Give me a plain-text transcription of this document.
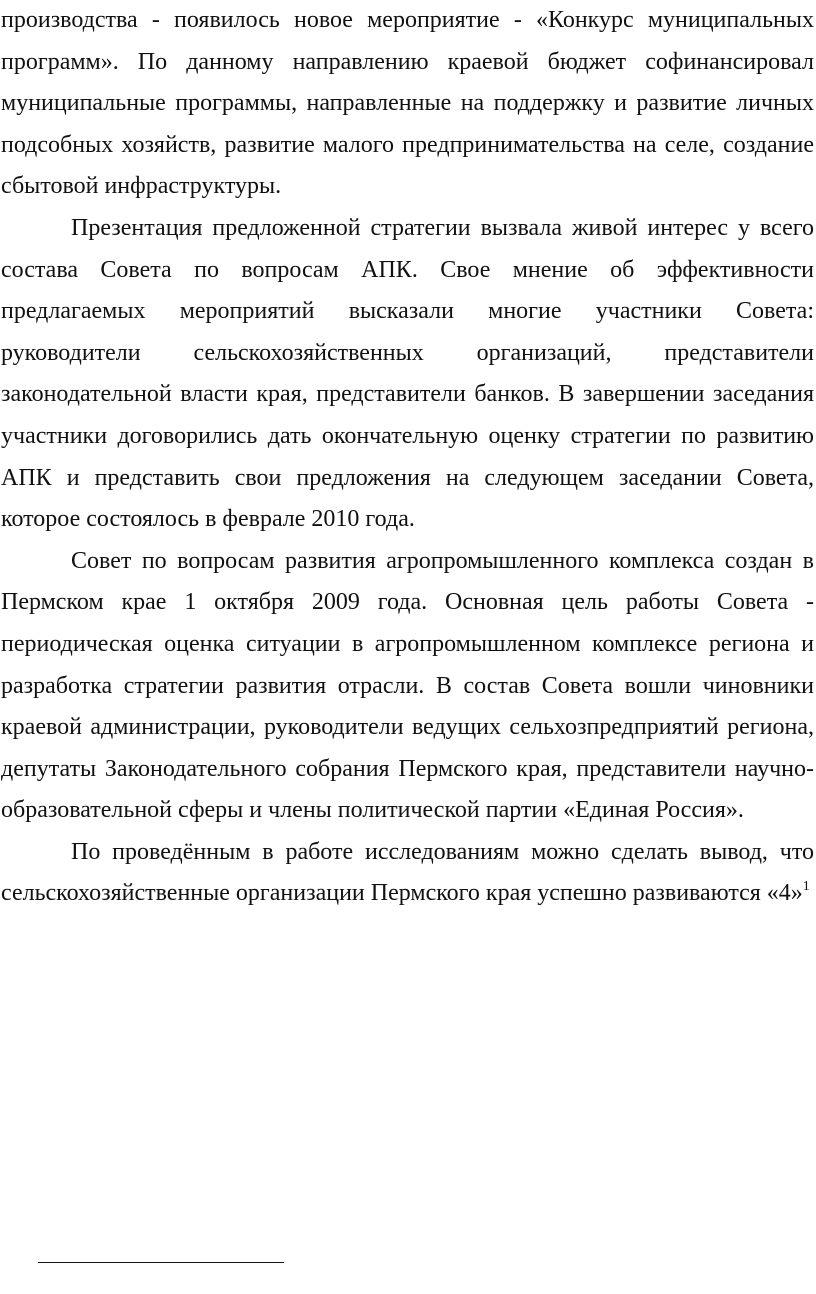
производства - появилось новое мероприятие - «Конкурс муниципальных программ». По данному направлению краевой бюджет софинансировал муниципальные программы, направленные на поддержку и развитие личных подсобных хозяйств, развитие малого предпринимательства на селе, создание сбытовой инфраструктуры.

Презентация предложенной стратегии вызвала живой интерес у всего состава Совета по вопросам АПК. Свое мнение об эффективности предлагаемых мероприятий высказали многие участники Совета: руководители сельскохозяйственных организаций, представители законодательной власти края, представители банков. В завершении заседания участники договорились дать окончательную оценку стратегии по развитию АПК и представить свои предложения на следующем заседании Совета, которое состоялось в феврале 2010 года.

Совет по вопросам развития агропромышленного комплекса создан в Пермском крае 1 октября 2009 года. Основная цель работы Совета - периодическая оценка ситуации в агропромышленном комплексе региона и разработка стратегии развития отрасли. В состав Совета вошли чиновники краевой администрации, руководители ведущих сельхозпредприятий региона, депутаты Законодательного собрания Пермского края, представители научно-образовательной сферы и члены политической партии «Единая Россия».

По проведённым в работе исследованиям можно сделать вывод, что сельскохозяйственные организации Пермского края успешно развиваются «4»$^1$
